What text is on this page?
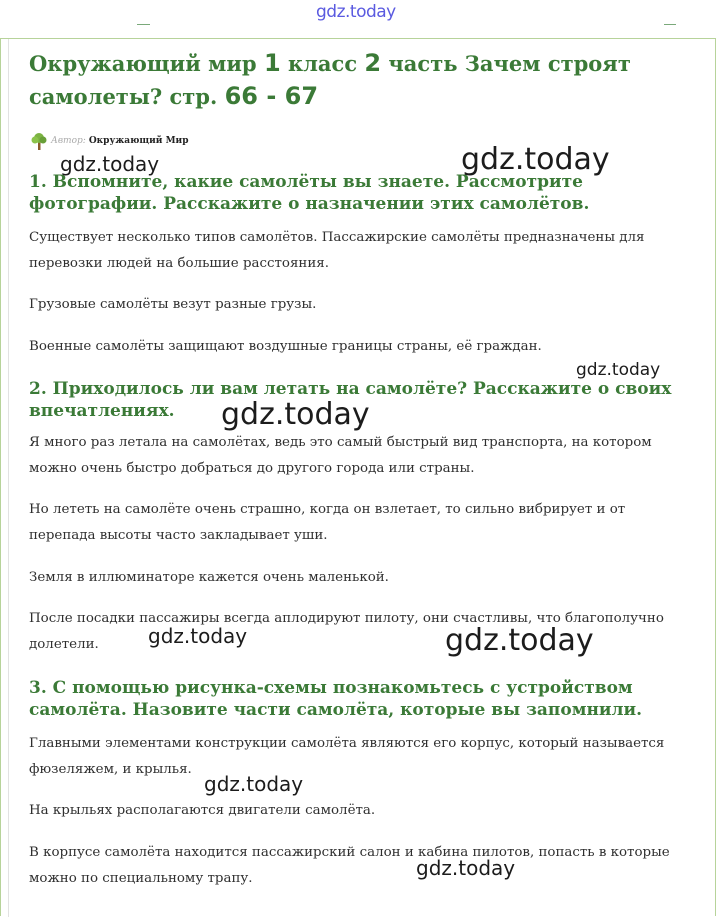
gdz.today
Окружающий мир 1 класс 2 часть Зачем строят самолеты? стр. 66 - 67
Автор: Окружающий Мир
1. Вспомните, какие самолёты вы знаете. Рассмотрите фотографии. Расскажите о назначении этих самолётов.

Существует несколько типов самолётов. Пассажирские самолёты предназначены для перевозки людей на большие расстояния.

Грузовые самолёты везут разные грузы.

Военные самолёты защищают воздушные границы страны, её граждан.

2. Приходилось ли вам летать на самолёте? Расскажите о своих впечатлениях.

Я много раз летала на самолётах, ведь это самый быстрый вид транспорта, на котором можно очень быстро добраться до другого города или страны.

Но лететь на самолёте очень страшно, когда он взлетает, то сильно вибрирует и от перепада высоты часто закладывает уши.

Земля в иллюминаторе кажется очень маленькой.

После посадки пассажиры всегда аплодируют пилоту, они счастливы, что благополучно долетели.

3. С помощью рисунка-схемы познакомьтесь с устройством самолёта. Назовите части самолёта, которые вы запомнили.

Главными элементами конструкции самолёта являются его корпус, который называется фюзеляжем, и крылья.

На крыльях располагаются двигатели самолёта.

В корпусе самолёта находится пассажирский салон и кабина пилотов, попасть в которые можно по специальному трапу.

gdz.today	gdz.today
gdz.today
gdz.today
gdz.today	gdz.today
gdz.today
gdz.today
